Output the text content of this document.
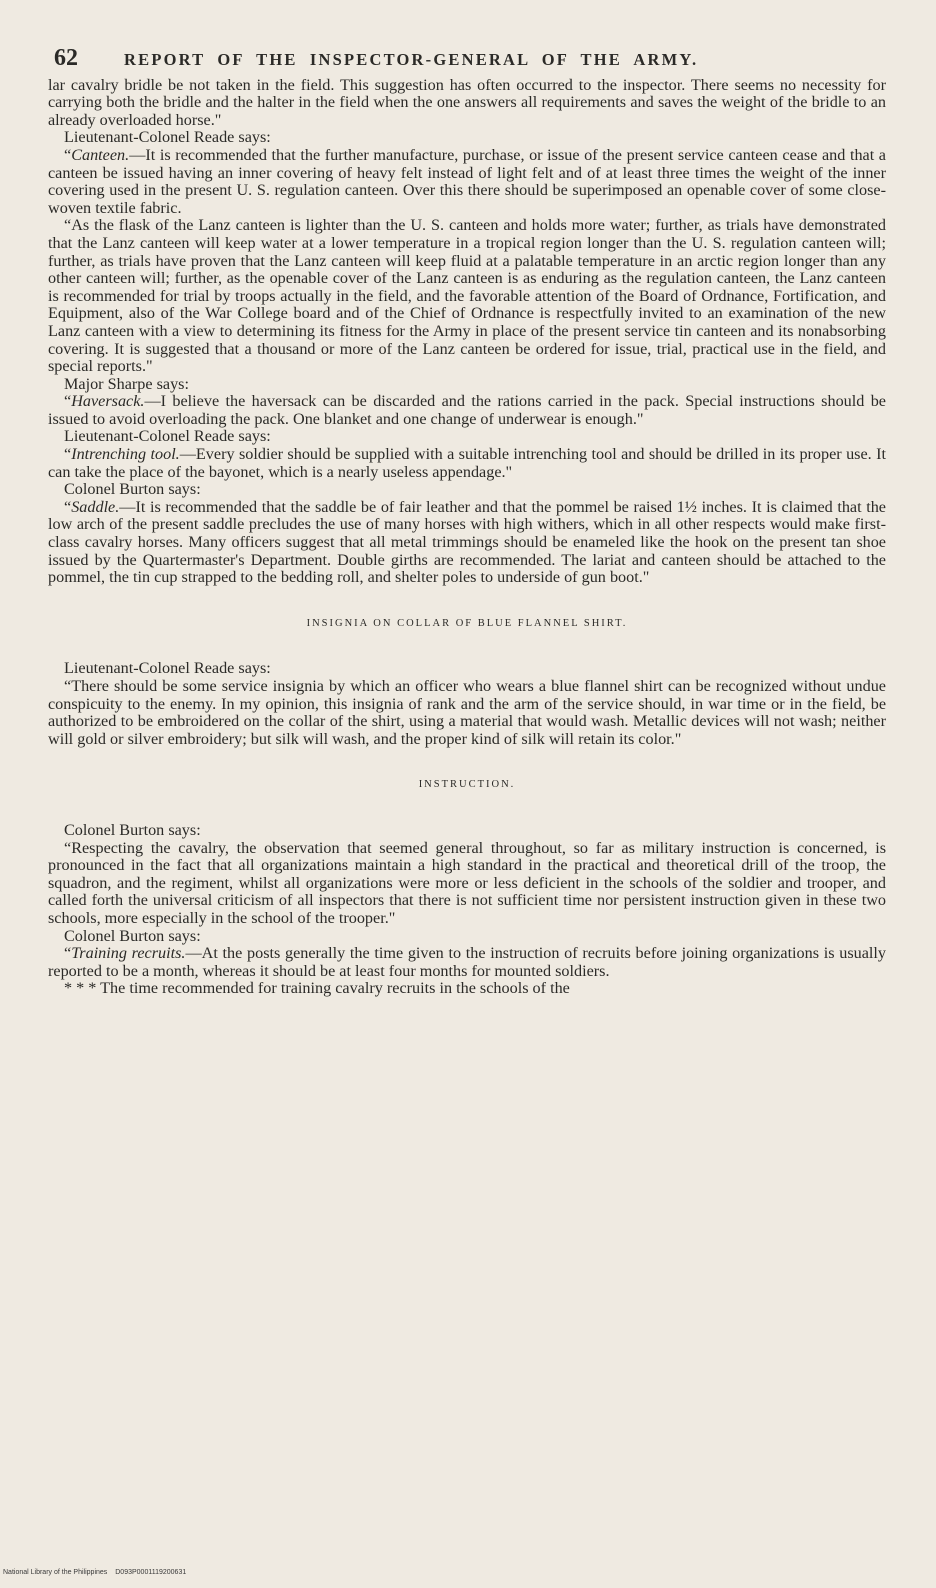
62	REPORT OF THE INSPECTOR-GENERAL OF THE ARMY.

lar cavalry bridle be not taken in the field. This suggestion has often occurred to the inspector. There seems no necessity for carrying both the bridle and the halter in the field when the one answers all requirements and saves the weight of the bridle to an already overloaded horse."

Lieutenant-Colonel Reade says:

“Canteen.—It is recommended that the further manufacture, purchase, or issue of the present service canteen cease and that a canteen be issued having an inner covering of heavy felt instead of light felt and of at least three times the weight of the inner covering used in the present U. S. regulation canteen. Over this there should be superimposed an openable cover of some close-woven textile fabric.

“As the flask of the Lanz canteen is lighter than the U. S. canteen and holds more water; further, as trials have demonstrated that the Lanz canteen will keep water at a lower temperature in a tropical region longer than the U. S. regulation canteen will; further, as trials have proven that the Lanz canteen will keep fluid at a palatable temperature in an arctic region longer than any other canteen will; further, as the openable cover of the Lanz canteen is as enduring as the regulation canteen, the Lanz canteen is recommended for trial by troops actually in the field, and the favorable attention of the Board of Ordnance, Fortification, and Equipment, also of the War College board and of the Chief of Ordnance is respectfully invited to an examination of the new Lanz canteen with a view to determining its fitness for the Army in place of the present service tin canteen and its nonabsorbing covering. It is suggested that a thousand or more of the Lanz canteen be ordered for issue, trial, practical use in the field, and special reports."

Major Sharpe says:

“Haversack.—I believe the haversack can be discarded and the rations carried in the pack. Special instructions should be issued to avoid overloading the pack. One blanket and one change of underwear is enough."

Lieutenant-Colonel Reade says:

“Intrenching tool.—Every soldier should be supplied with a suitable intrenching tool and should be drilled in its proper use. It can take the place of the bayonet, which is a nearly useless appendage."

Colonel Burton says:

“Saddle.—It is recommended that the saddle be of fair leather and that the pommel be raised 1½ inches. It is claimed that the low arch of the present saddle precludes the use of many horses with high withers, which in all other respects would make first-class cavalry horses. Many officers suggest that all metal trimmings should be enameled like the hook on the present tan shoe issued by the Quartermaster's Department. Double girths are recommended. The lariat and canteen should be attached to the pommel, the tin cup strapped to the bedding roll, and shelter poles to underside of gun boot."

INSIGNIA ON COLLAR OF BLUE FLANNEL SHIRT.

Lieutenant-Colonel Reade says:

“There should be some service insignia by which an officer who wears a blue flannel shirt can be recognized without undue conspicuity to the enemy. In my opinion, this insignia of rank and the arm of the service should, in war time or in the field, be authorized to be embroidered on the collar of the shirt, using a material that would wash. Metallic devices will not wash; neither will gold or silver embroidery; but silk will wash, and the proper kind of silk will retain its color."

INSTRUCTION.

Colonel Burton says:

“Respecting the cavalry, the observation that seemed general throughout, so far as military instruction is concerned, is pronounced in the fact that all organizations maintain a high standard in the practical and theoretical drill of the troop, the squadron, and the regiment, whilst all organizations were more or less deficient in the schools of the soldier and trooper, and called forth the universal criticism of all inspectors that there is not sufficient time nor persistent instruction given in these two schools, more especially in the school of the trooper."

Colonel Burton says:

“Training recruits.—At the posts generally the time given to the instruction of recruits before joining organizations is usually reported to be a month, whereas it should be at least four months for mounted soldiers.

* * * The time recommended for training cavalry recruits in the schools of the

National Library of the Philippines D093P0001119200631
